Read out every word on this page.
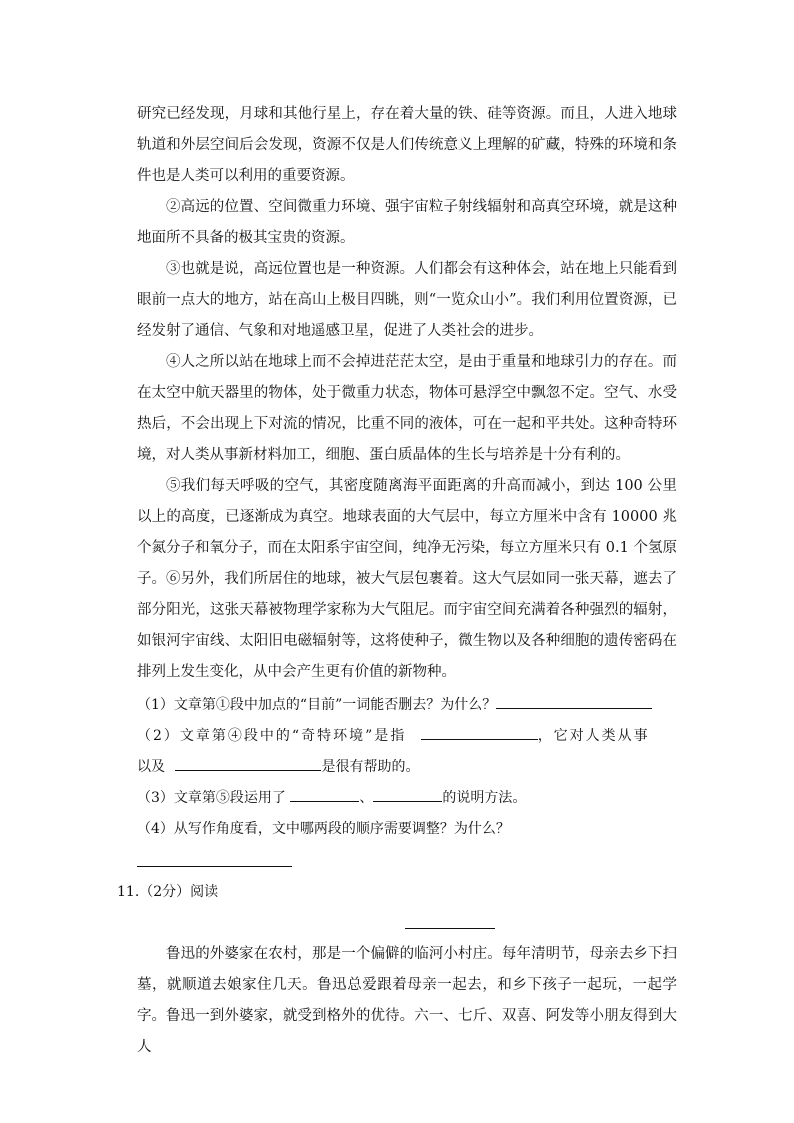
研究已经发现，月球和其他行星上，存在着大量的铁、硅等资源。而且，人进入地球轨道和外层空间后会发现，资源不仅是人们传统意义上理解的矿藏，特殊的环境和条件也是人类可以利用的重要资源。

②高远的位置、空间微重力环境、强宇宙粒子射线辐射和高真空环境，就是这种地面所不具备的极其宝贵的资源。

③也就是说，高远位置也是一种资源。人们都会有这种体会，站在地上只能看到眼前一点大的地方，站在高山上极目四眺，则“一览众山小”。我们利用位置资源，已经发射了通信、气象和对地遥感卫星，促进了人类社会的进步。

④人之所以站在地球上而不会掉进茫茫太空，是由于重量和地球引力的存在。而在太空中航天器里的物体，处于微重力状态，物体可悬浮空中飘忽不定。空气、水受热后，不会出现上下对流的情况，比重不同的液体，可在一起和平共处。这种奇特环境，对人类从事新材料加工，细胞、蛋白质晶体的生长与培养是十分有利的。

⑤我们每天呼吸的空气，其密度随离海平面距离的升高而减小，到达 100 公里以上的高度，已逐渐成为真空。地球表面的大气层中，每立方厘米中含有 10000 兆个氮分子和氧分子，而在太阳系宇宙空间，纯净无污染，每立方厘米只有 0.1 个氢原子。 ⑥另外，我们所居住的地球，被大气层包裹着。这大气层如同一张天幕，遮去了部分阳光，这张天幕被物理学家称为大气阻尼。而宇宙空间充满着各种强烈的辐射，如银河宇宙线、太阳旧电磁辐射等，这将使种子，微生物以及各种细胞的遗传密码在排列上发生变化，从中会产生更有价值的新物种。

（1）文章第①段中加点的“目前”一词能否删去？为什么？

（2）文章第④段中的“奇特环境”是指	，它对人类从事

以及	是很有帮助的。

（3）文章第⑤段运用了	、	的说明方法。

（4）从写作角度看，文中哪两段的顺序需要调整？为什么？

11.（2分）阅读

鲁迅的外婆家在农村，那是一个偏僻的临河小村庄。每年清明节，母亲去乡下扫墓，就顺道去娘家住几天。鲁迅总爱跟着母亲一起去，和乡下孩子一起玩，一起学字。 鲁迅一到外婆家，就受到格外的优待。六一、七斤、双喜、阿发等小朋友得到大人
